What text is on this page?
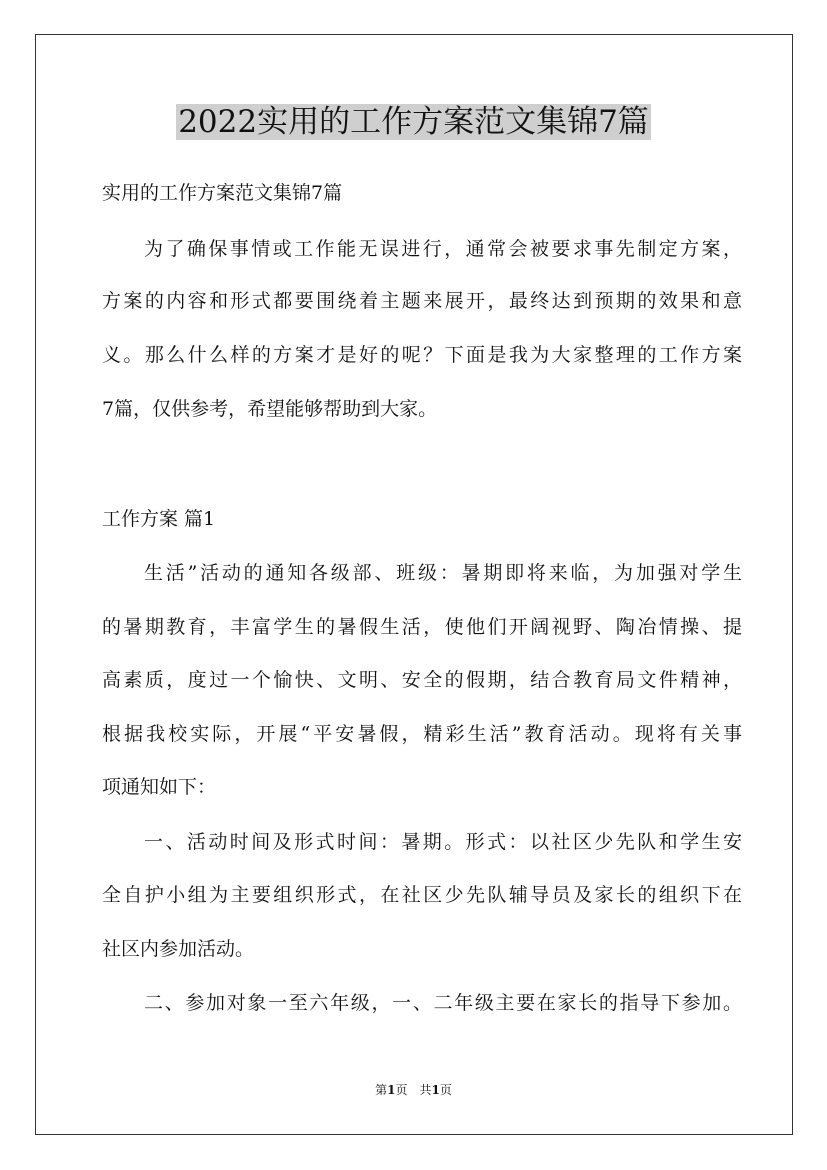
2022实用的工作方案范文集锦7篇

实用的工作方案范文集锦7篇

为了确保事情或工作能无误进行，通常会被要求事先制定方案，

方案的内容和形式都要围绕着主题来展开，最终达到预期的效果和意

义。那么什么样的方案才是好的呢？下面是我为大家整理的工作方案

7篇，仅供参考，希望能够帮助到大家。

工作方案 篇1

生活”活动的通知各级部、班级：暑期即将来临，为加强对学生

的暑期教育，丰富学生的暑假生活，使他们开阔视野、陶冶情操、提

高素质，度过一个愉快、文明、安全的假期，结合教育局文件精神，

根据我校实际，开展“平安暑假，精彩生活”教育活动。现将有关事

项通知如下：

一、活动时间及形式时间：暑期。形式：以社区少先队和学生安

全自护小组为主要组织形式，在社区少先队辅导员及家长的组织下在

社区内参加活动。

二、参加对象一至六年级，一、二年级主要在家长的指导下参加。

第1页　共1页
